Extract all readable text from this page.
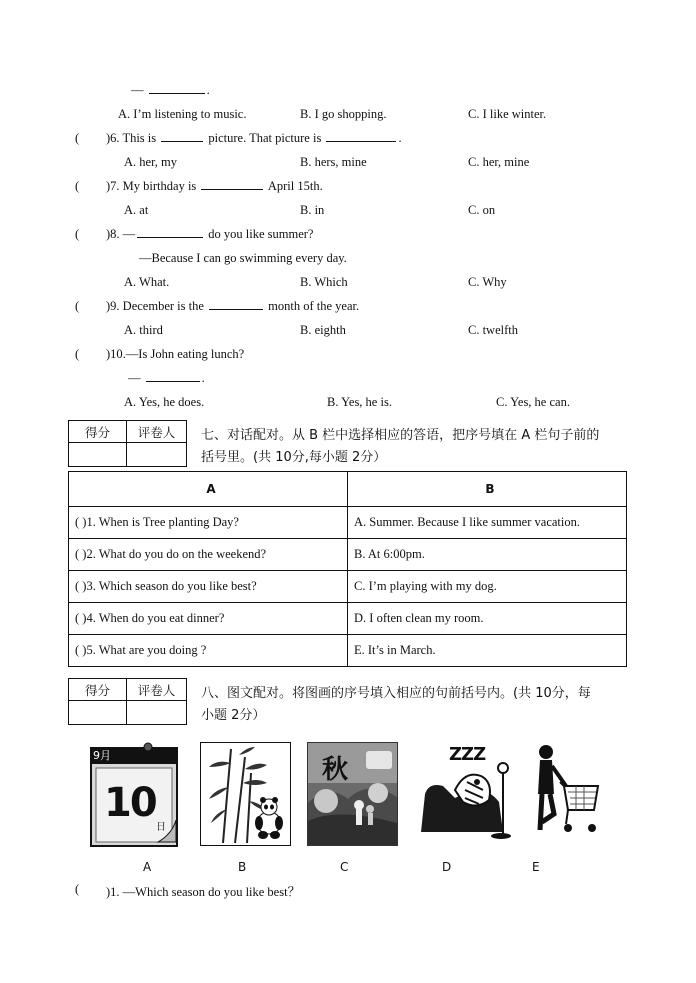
—	.
A. I’m listening to music.	B. I go shopping.	C. I like winter.
( )6. This is	picture. That picture is	.
A. her, my	B. hers, mine	C. her, mine
( )7. My birthday is	April 15th.
A. at	B. in	C. on
( )8. —	do you like summer?
—Because I can go swimming every day.
A. What.	B. Which	C. Why
( )9. December is the	month of the year.
A. third	B. eighth	C. twelfth
( )10.—Is John eating lunch?
—	.
A. Yes, he does.	B. Yes, he is.	C. Yes, he can.
得分	评卷人
	七、对话配对。从 B 栏中选择相应的答语，把序号填在 A 栏句子前的
括号里。(共 10分,每小题 2分）
A	B
( )1. When is Tree planting Day?	A. Summer. Because I like summer vacation.
( )2. What do you do on the weekend?	B. At 6:00pm.
( )3. Which season do you like best?	C. I’m playing with my dog.
( )4. When do you eat dinner?	D. I often clean my room.
( )5. What are you doing ?	E. It’s in March.
得分	评卷人
	八、图文配对。将图画的序号填入相应的句前括号内。(共 10分，每
小题 2分）
9月
10
日
秋
ZZZ
A	B	C	D	E
( )1. —Which season do you like best？
